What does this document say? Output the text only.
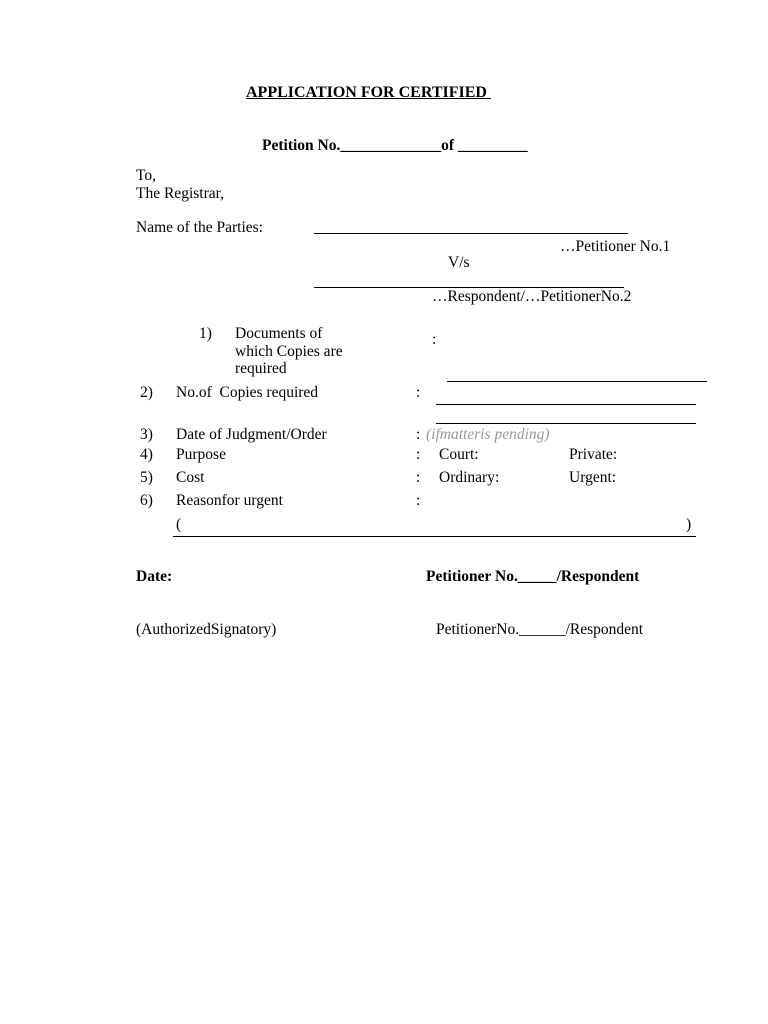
APPLICATION FOR CERTIFIED
Petition No._____________of _________
To,
The Registrar,
Name of the Parties:
…Petitioner No.1
V/s
…Respondent/…PetitionerNo.2
1) Documents of
which Copies are
required
:
2) No.of  Copies required	:
3) Date of Judgment/Order	: (ifmatteris pending)
4) Purpose	: Court:	Private:
5) Cost	: Ordinary:	Urgent:
6) Reasonfor urgent	:
(	)
Date:	Petitioner No._____/Respondent
(AuthorizedSignatory)	PetitionerNo.______/Respondent
